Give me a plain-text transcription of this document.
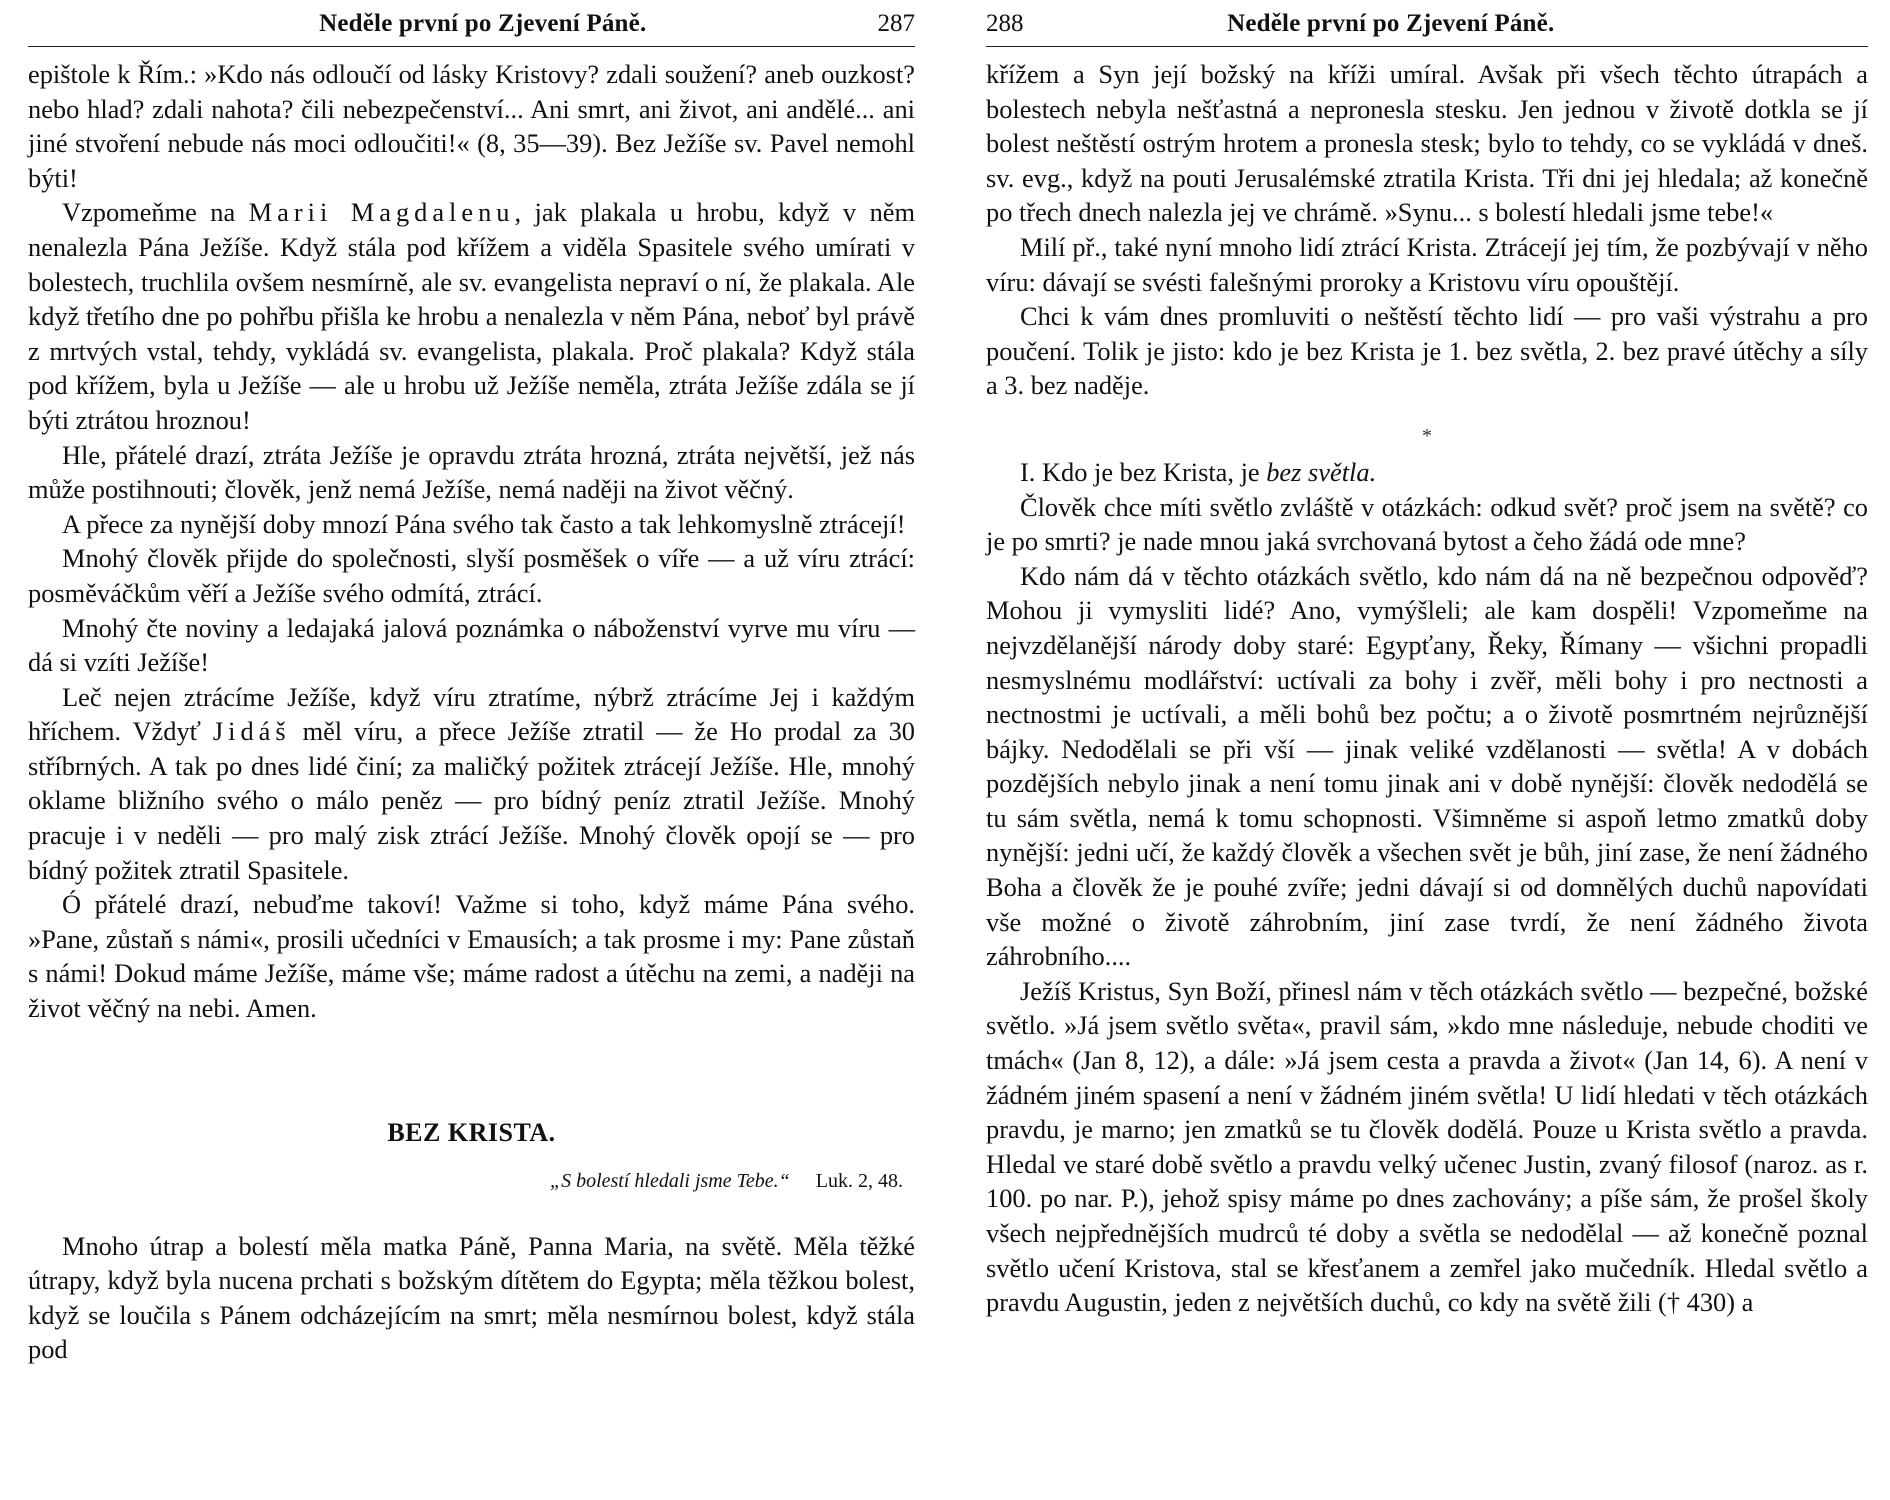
Neděle první po Zjevení Páně.	287

epištole k Řím.: »Kdo nás odloučí od lásky Kristovy? zdali soužení? aneb ouzkost? nebo hlad? zdali nahota? čili nebezpečenství... Ani smrt, ani život, ani andělé... ani jiné stvoření nebude nás moci odloučiti!« (8, 35—39). Bez Ježíše sv. Pavel nemohl býti!

Vzpomeňme na Marii Magdalenu, jak plakala u hrobu, když v něm nenalezla Pána Ježíše. Když stála pod křížem a viděla Spasitele svého umírati v bolestech, truchlila ovšem nesmírně, ale sv. evangelista nepraví o ní, že plakala. Ale když třetího dne po pohřbu přišla ke hrobu a nenalezla v něm Pána, neboť byl právě z mrtvých vstal, tehdy, vykládá sv. evangelista, plakala. Proč plakala? Když stála pod křížem, byla u Ježíše — ale u hrobu už Ježíše neměla, ztráta Ježíše zdála se jí býti ztrátou hroznou!

Hle, přátelé drazí, ztráta Ježíše je opravdu ztráta hrozná, ztráta největší, jež nás může postihnouti; člověk, jenž nemá Ježíše, nemá naději na život věčný.

A přece za nynější doby mnozí Pána svého tak často a tak lehkomyslně ztrácejí!

Mnohý člověk přijde do společnosti, slyší posměšek o víře — a už víru ztrácí: posměváčkům věří a Ježíše svého odmítá, ztrácí.

Mnohý čte noviny a ledajaká jalová poznámka o náboženství vyrve mu víru — dá si vzíti Ježíše!

Leč nejen ztrácíme Ježíše, když víru ztratíme, nýbrž ztrácíme Jej i každým hříchem. Vždyť Jidáš měl víru, a přece Ježíše ztratil — že Ho prodal za 30 stříbrných. A tak po dnes lidé činí; za maličký požitek ztrácejí Ježíše. Hle, mnohý oklame bližního svého o málo peněz — pro bídný peníz ztratil Ježíše. Mnohý pracuje i v neděli — pro malý zisk ztrácí Ježíše. Mnohý člověk opojí se — pro bídný požitek ztratil Spasitele.

Ó přátelé drazí, nebuďme takoví! Važme si toho, když máme Pána svého. »Pane, zůstaň s námi«, prosili učedníci v Emausích; a tak prosme i my: Pane zůstaň s námi! Dokud máme Ježíše, máme vše; máme radost a útěchu na zemi, a naději na život věčný na nebi. Amen.

BEZ KRISTA.
„S bolestí hledali jsme Tebe.“ Luk. 2, 48.

Mnoho útrap a bolestí měla matka Páně, Panna Maria, na světě. Měla těžké útrapy, když byla nucena prchati s božským dítětem do Egypta; měla těžkou bolest, když se loučila s Pánem odcházejícím na smrt; měla nesmírnou bolest, když stála pod

288	Neděle první po Zjevení Páně.

křížem a Syn její božský na kříži umíral. Avšak při všech těchto útrapách a bolestech nebyla nešťastná a nepronesla stesku. Jen jednou v životě dotkla se jí bolest neštěstí ostrým hrotem a pronesla stesk; bylo to tehdy, co se vykládá v dneš. sv. evg., když na pouti Jerusalémské ztratila Krista. Tři dni jej hledala; až konečně po třech dnech nalezla jej ve chrámě. »Synu... s bolestí hledali jsme tebe!«

Milí př., také nyní mnoho lidí ztrácí Krista. Ztrácejí jej tím, že pozbývají v něho víru: dávají se svésti falešnými proroky a Kristovu víru opouštějí.

Chci k vám dnes promluviti o neštěstí těchto lidí — pro vaši výstrahu a pro poučení. Tolik je jisto: kdo je bez Krista je 1. bez světla, 2. bez pravé útěchy a síly a 3. bez naděje.

*

I. Kdo je bez Krista, je bez světla.

Člověk chce míti světlo zvláště v otázkách: odkud svět? proč jsem na světě? co je po smrti? je nade mnou jaká svrchovaná bytost a čeho žádá ode mne?

Kdo nám dá v těchto otázkách světlo, kdo nám dá na ně bezpečnou odpověď? Mohou ji vymysliti lidé? Ano, vymýšleli; ale kam dospěli! Vzpomeňme na nejvzdělanější národy doby staré: Egypťany, Řeky, Římany — všichni propadli nesmyslnému modlářství: uctívali za bohy i zvěř, měli bohy i pro nectnosti a nectnostmi je uctívali, a měli bohů bez počtu; a o životě posmrtném nejrůznější bájky. Nedodělali se při vší — jinak veliké vzdělanosti — světla! A v dobách pozdějších nebylo jinak a není tomu jinak ani v době nynější: člověk nedodělá se tu sám světla, nemá k tomu schopnosti. Všimněme si aspoň letmo zmatků doby nynější: jedni učí, že každý člověk a všechen svět je bůh, jiní zase, že není žádného Boha a člověk že je pouhé zvíře; jedni dávají si od domnělých duchů napovídati vše možné o životě záhrobním, jiní zase tvrdí, že není žádného života záhrobního....

Ježíš Kristus, Syn Boží, přinesl nám v těch otázkách světlo — bezpečné, božské světlo. »Já jsem světlo světa«, pravil sám, »kdo mne následuje, nebude choditi ve tmách« (Jan 8, 12), a dále: »Já jsem cesta a pravda a život« (Jan 14, 6). A není v žádném jiném spasení a není v žádném jiném světla! U lidí hledati v těch otázkách pravdu, je marno; jen zmatků se tu člověk dodělá. Pouze u Krista světlo a pravda. Hledal ve staré době světlo a pravdu velký učenec Justin, zvaný filosof (naroz. as r. 100. po nar. P.), jehož spisy máme po dnes zachovány; a píše sám, že prošel školy všech nejpřednějších mudrců té doby a světla se nedodělal — až konečně poznal světlo učení Kristova, stal se křesťanem a zemřel jako mučedník. Hledal světlo a pravdu Augustin, jeden z největších duchů, co kdy na světě žili († 430) a
